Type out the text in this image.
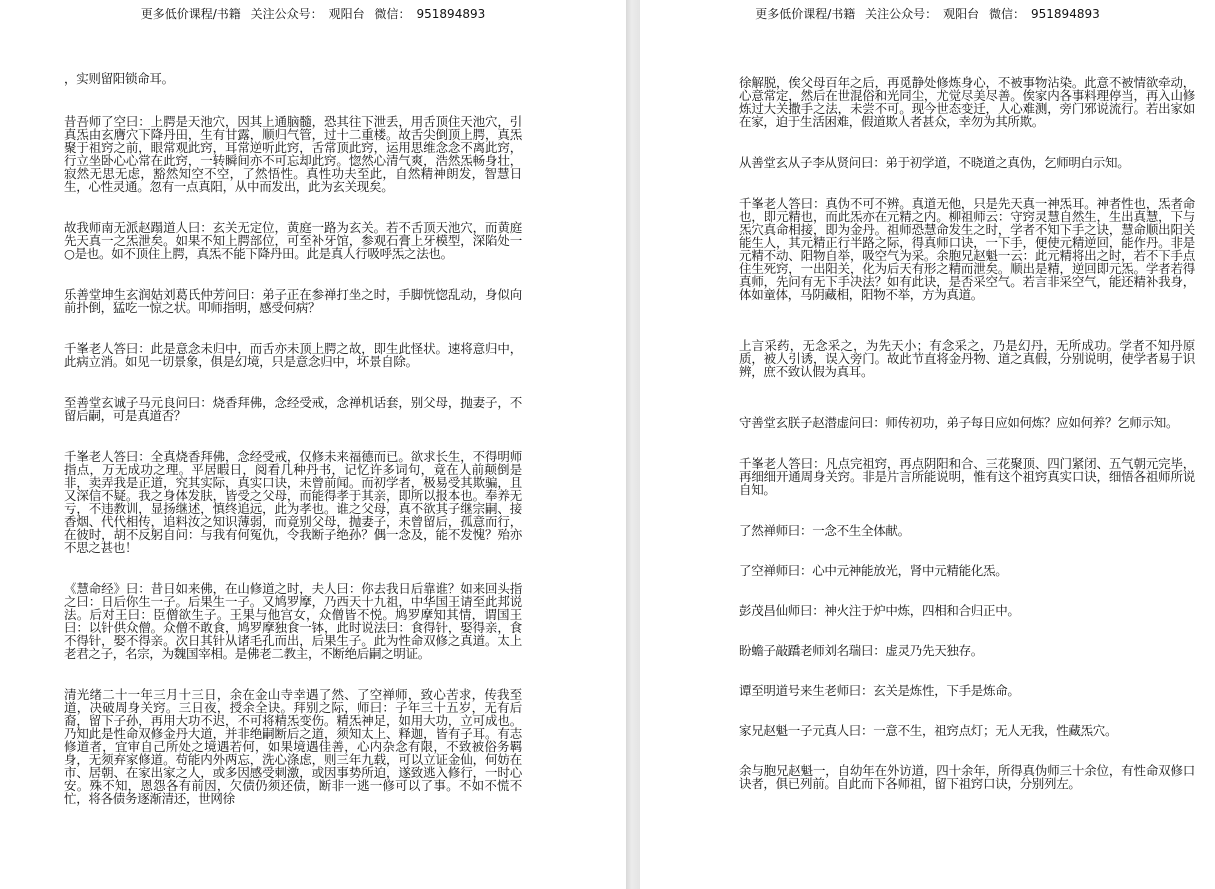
更多低价课程/书籍 关注公众号： 观阳台 微信： 951894893

，实则留阳锁命耳。

昔吾师了空曰：上腭是天池穴，因其上通脑髓，恐其往下泄丢，用舌顶住天池穴，引真炁由玄膺穴下降丹田，生有甘露，顺归气管，过十二重楼。故舌尖倒顶上腭，真炁聚于祖窍之前，眼常观此窍，耳常逆听此窍，舌常顶此窍，运用思维念念不离此窍，行立坐卧心心常在此窍，一转瞬间亦不可忘却此窍。惚然心清气爽，浩然炁畅身壮，寂然无思无虑，豁然知空不空，了然悟性。真性功夫至此，自然精神朗发，智慧日生，心性灵通。忽有一点真阳，从中而发出，此为玄关现矣。

故我师南无派赵蹋道人曰：玄关无定位，黄庭一路为玄关。若不舌顶天池穴，而黄庭先天真一之炁泄矣。如果不知上腭部位，可至补牙馆，参观石膏上牙模型，深陷处一○是也。如不顶住上腭，真炁不能下降丹田。此是真人行吸呼炁之法也。

乐善堂坤生玄润姑刘葛氏仲芳问曰：弟子正在参禅打坐之时，手脚恍惚乱动，身似向前扑倒，猛吃一惊之状。叩师指明，感受何病？

千峯老人答曰：此是意念未归中，而舌亦未顶上腭之故，即生此怪状。速将意归中，此病立消。如见一切景象，俱是幻境，只是意念归中，坏景自除。

至善堂玄诚子马元良问曰：烧香拜佛，念经受戒，念禅机话套，别父母，抛妻子，不留后嗣，可是真道否？

千峯老人答曰：全真烧香拜佛，念经受戒，仅修未来福德而已。欲求长生，不得明师指点，万无成功之理。平居暇日，阅看几种丹书，记忆许多词句，竟在人前颠倒是非，卖弄我是正道，究其实际，真实口诀，未曾前闻。而初学者，极易受其欺骗，且又深信不疑。我之身体发肤，皆受之父母，而能得孝于其亲，即所以报本也。奉养无亏，不违教训，显扬继述，慎终追远，此为孝也。谁之父母，真不欲其子继宗嗣、接香烟、代代相传，追料汝之知识薄弱，而竟别父母，抛妻子，未曾留后，孤意而行，在彼时，胡不反躬自问：与我有何冤仇，令我断子绝孙？偶一念及，能不发愧？殆亦不思之甚也！

《慧命经》曰：昔日如来佛，在山修道之时，夫人曰：你去我日后靠谁？如来回头指之曰：日后你生一子。后果生一子。又鸠罗摩，乃西天十九祖，中华国王请至此邦说法。后对王曰：臣僧欲生子。王果与他宫女，众僧皆不悦。鸠罗摩知其情，谓国王曰：以针供众僧。众僧不敢食，鸠罗摩独食一钵，此时说法曰：食得针，娶得亲，食不得针，娶不得亲。次日其针从诸毛孔而出，后果生子。此为性命双修之真道。太上老君之子，名宗，为魏国宰相。是佛老二教主，不断绝后嗣之明证。

清光绪二十一年三月十三日，余在金山寺幸遇了然、了空禅师，致心苦求，传我至道，决破周身关窍。三日夜，授余全诀。拜别之际，师曰：子年三十五岁，无有后裔，留下子孙，再用大功不迟，不可将精炁变伤。精炁神足，如用大功，立可成也。乃知此是性命双修金丹大道，并非绝嗣断后之道，须知太上、释迦，皆有子耳。有志修道者，宜审自己所处之境遇若何，如果境遇佳善，心内杂念有限，不致被俗务羁身，无须弃家修道。苟能内外两忘，洗心涤虑，则三年九载，可以立证金仙，何妨在市、居朝、在家出家之人，或多因感受刺激，或因事势所迫，遂致逃入修行，一时心安。殊不知，恩怨各有前因，欠债仍须还债，断非一逃一修可以了事。不如不慌不忙，将各债务逐渐清还，世网徐

更多低价课程/书籍 关注公众号： 观阳台 微信： 951894893

徐解脱，俟父母百年之后，再觅静处修炼身心，不被事物沾染。此意不被情欲牵动，心意常定，然后在世混俗和光同尘，尤觉尽美尽善。俟家内各事料理停当，再入山修炼过大关撒手之法，未尝不可。现今世态变迁，人心难测，旁门邪说流行。若出家如在家，迫于生活困难，假道欺人者甚众，幸勿为其所欺。

从善堂玄从子李从贤问曰：弟于初学道，不晓道之真伪，乞师明白示知。

千峯老人答曰：真伪不可不辨。真道无他，只是先天真一神炁耳。神者性也，炁者命也，即元精也，而此炁亦在元精之内。柳祖师云：守窍灵慧自然生，生出真慧，下与炁穴真命相接，即为金丹。祖师恐慧命发生之时，学者不知下手之诀，慧命顺出阳关能生人，其元精正行半路之际，得真师口诀，一下手，便使元精逆回，能作丹。非是元精不动、阳物自举，吸空气为采。余胞兄赵魁一云：此元精将出之时，若不下手点住生死窍，一出阳关，化为后天有形之精而泄矣。顺出是精，逆回即元炁。学者若得真师，先问有无下手决法？如有此诀，是否采空气。若言非采空气，能还精补我身，体如童体，马阴藏相，阳物不举，方为真道。

上言采药，无念采之，为先天小；有念采之，乃是幻丹，无所成功。学者不知丹原质，被人引诱，误入旁门。故此节直将金丹物、道之真假，分别说明，使学者易于识辨，庶不致认假为真耳。

守善堂玄朕子赵潜虚问曰：师传初功，弟子每日应如何炼？应如何养？乞师示知。

千峯老人答曰：凡点完祖窍，再点阴阳和合、三花聚顶、四门紧闭、五气朝元完毕，再细细开通周身关窍。非是片言所能说明，惟有这个祖窍真实口诀，细悟各祖师所说自知。

了然禅师曰：一念不生全体献。

了空禅师曰：心中元神能放光，肾中元精能化炁。

彭茂昌仙师曰：神火注于炉中炼，四相和合归正中。

盼蟾子敲蹻老师刘名瑞曰：虚灵乃先天独存。

谭至明道号来生老师曰：玄关是炼性，下手是炼命。

家兄赵魁一子元真人曰：一意不生，祖窍点灯；无人无我，性藏炁穴。

余与胞兄赵魁一，自幼年在外访道，四十余年，所得真伪师三十余位，有性命双修口诀者，俱已列前。自此而下各师祖，留下祖窍口诀，分别列左。
